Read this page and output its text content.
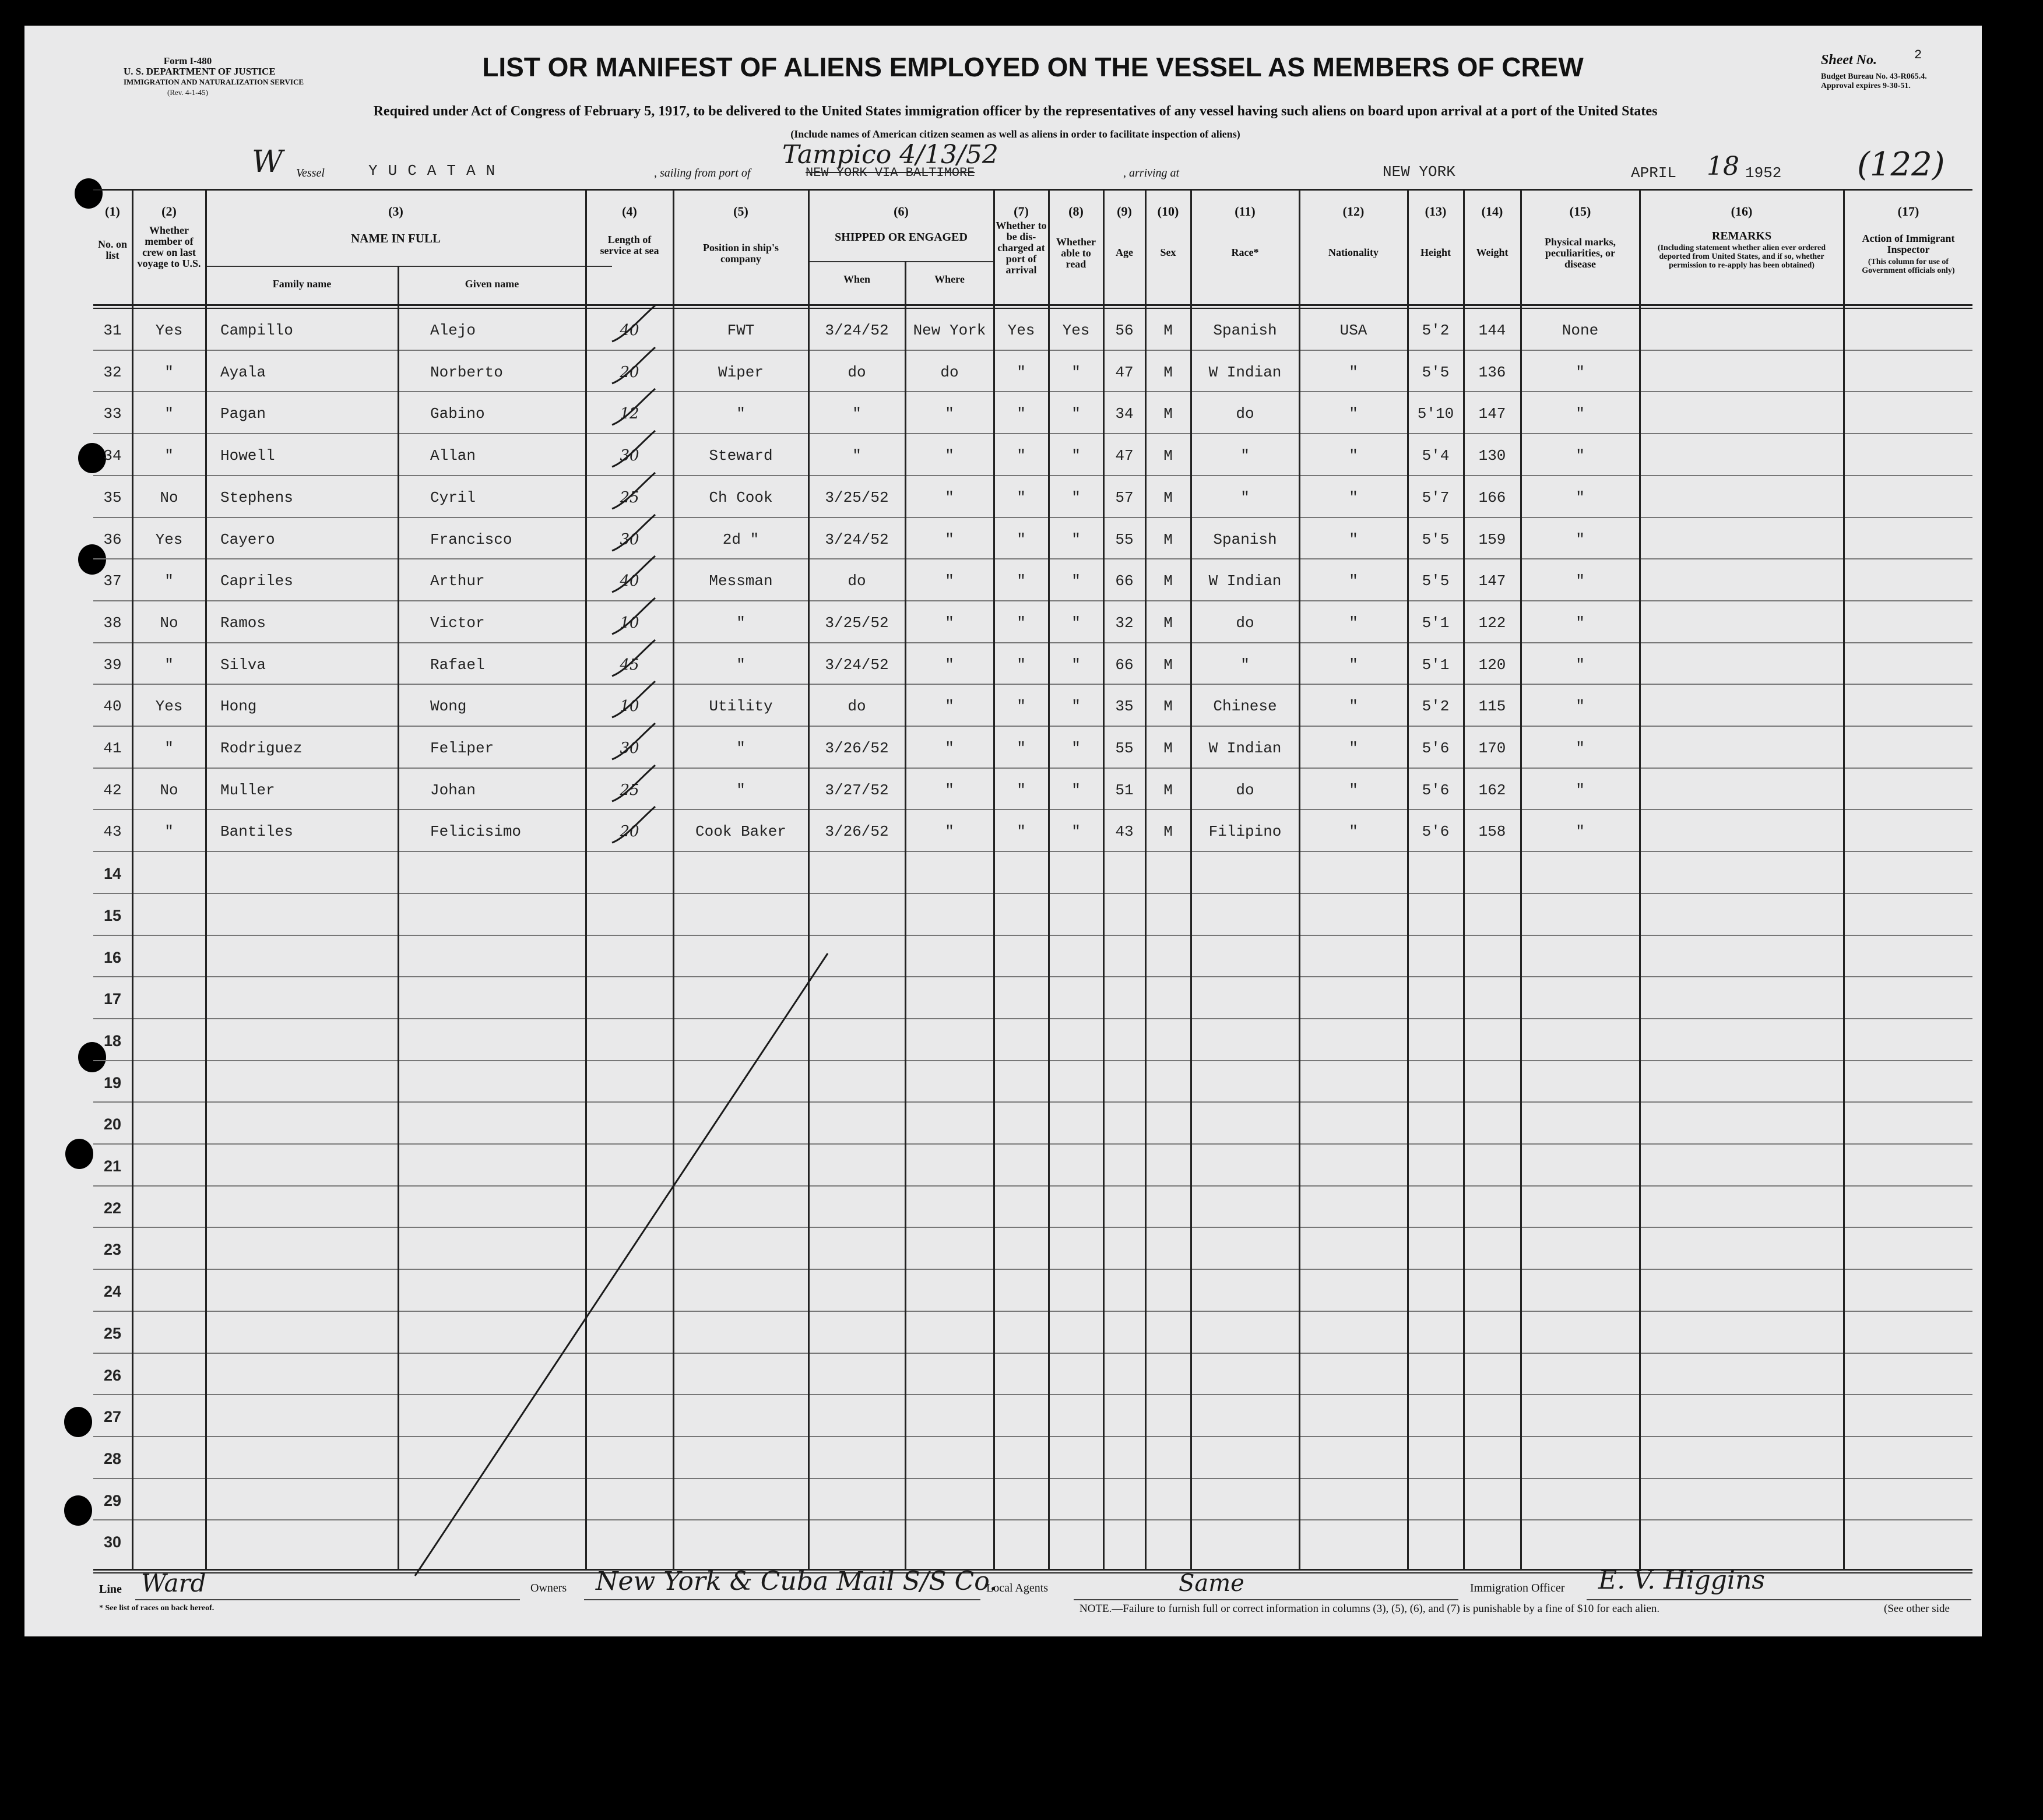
Form I-480
U. S. DEPARTMENT OF JUSTICE
IMMIGRATION AND NATURALIZATION SERVICE
(Rev. 4-1-45)
LIST OR MANIFEST OF ALIENS EMPLOYED ON THE VESSEL AS MEMBERS OF CREW
Required under Act of Congress of February 5, 1917, to be delivered to the United States immigration officer by the representatives of any vessel having such aliens on board upon arrival at a port of the United States
(Include names of American citizen seamen as well as aliens in order to facilitate inspection of aliens)
Sheet No.	2
Budget Bureau No. 43-R065.4.
Approval expires 9-30-51.
W Vessel	YUCATAN	, sailing from port of	NEW YORK VIA BALTIMORE
Tampico 4/13/52
, arriving at	NEW YORK	APRIL 18 1952 (122)
(1)
No. on list
(2)
Whether member of crew on last voyage to U.S.
(3)
NAME IN FULL
Family name	Given name
(4)
Length of service at sea
(5)
Position in ship's company
(6)
SHIPPED OR ENGAGED
When	Where
(7)
Whether to be dis-charged at port of arrival
(8)
Whether able to read
(9)
Age
(10)
Sex
(11)
Race*
(12)
Nationality
(13)
Height
(14)
Weight
(15)
Physical marks, peculiarities, or disease
(16)
REMARKS
(Including statement whether alien ever ordered deported from United States, and if so, whether permission to re-apply has been obtained)
(17)
Action of Immigrant Inspector
(This column for use of Government officials only)
31	Yes	Campillo	Alejo	40	FWT	3/24/52	New York	Yes	Yes	56	M	Spanish	USA	5'2	144	None
32	"	Ayala	Norberto	20	Wiper	do	do	"	"	47	M	W Indian	"	5'5	136	"
33	"	Pagan	Gabino	12	"	"	"	"	"	34	M	do	"	5'10	147	"
34	"	Howell	Allan	30	Steward	"	"	"	"	47	M	"	"	5'4	130	"
35	No	Stephens	Cyril	25	Ch Cook	3/25/52	"	"	"	57	M	"	"	5'7	166	"
36	Yes	Cayero	Francisco	30	2d "	3/24/52	"	"	"	55	M	Spanish	"	5'5	159	"
37	"	Capriles	Arthur	40	Messman	do	"	"	"	66	M	W Indian	"	5'5	147	"
38	No	Ramos	Victor	10	"	3/25/52	"	"	"	32	M	do	"	5'1	122	"
39	"	Silva	Rafael	45	"	3/24/52	"	"	"	66	M	"	"	5'1	120	"
40	Yes	Hong	Wong	10	Utility	do	"	"	"	35	M	Chinese	"	5'2	115	"
41	"	Rodriguez	Feliper	30	"	3/26/52	"	"	"	55	M	W Indian	"	5'6	170	"
42	No	Muller	Johan	25	"	3/27/52	"	"	"	51	M	do	"	5'6	162	"
43	"	Bantiles	Felicisimo	20	Cook Baker	3/26/52	"	"	"	43	M	Filipino	"	5'6	158	"
14
15
16
17
18
19
20
21
22
23
24
25
26
27
28
29
30
Line Ward	Owners New York & Cuba Mail S/S Co.
Local Agents	Same	Immigration Officer E. V. Higgins
* See list of races on back hereof.	NOTE.—Failure to furnish full or correct information in columns (3), (5), (6), and (7) is punishable by a fine of $10 for each alien.	(See other side
